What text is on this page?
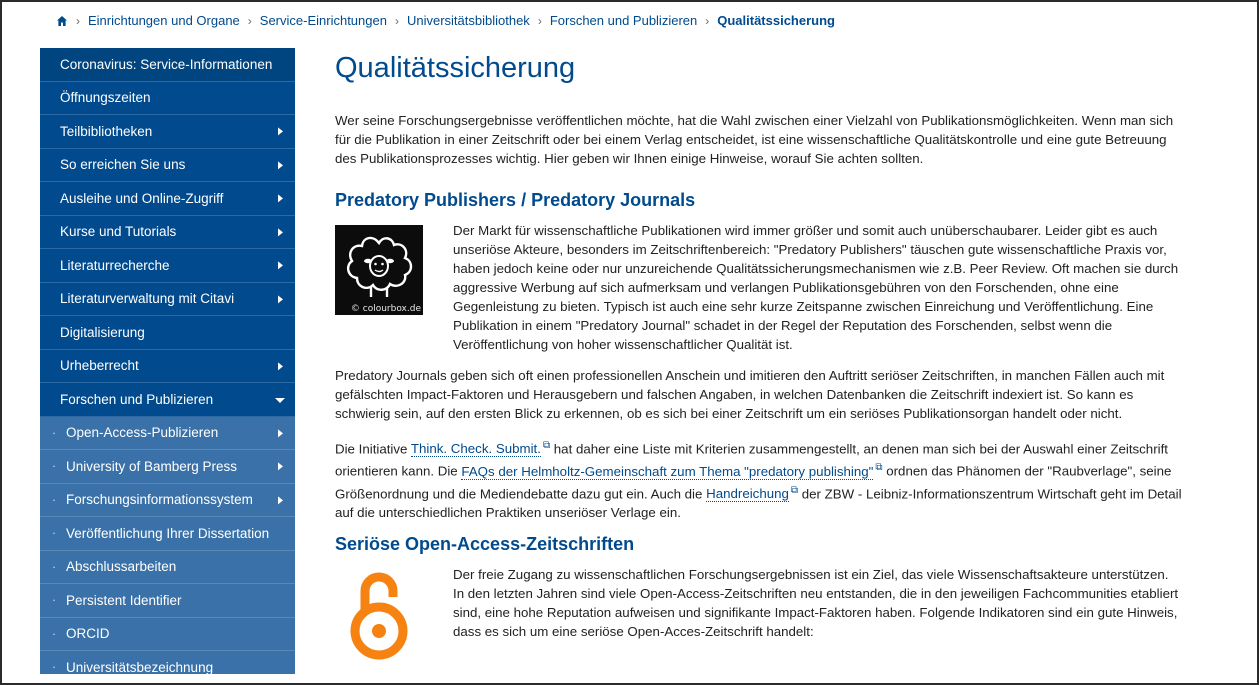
› Einrichtungen und Organe › Service-Einrichtungen › Universitätsbibliothek › Forschen und Publizieren › Qualitätssicherung
Coronavirus: Service-Informationen
Öffnungszeiten
Teilbibliotheken
So erreichen Sie uns
Ausleihe und Online-Zugriff
Kurse und Tutorials
Literaturrecherche
Literaturverwaltung mit Citavi
Digitalisierung
Urheberrecht
Forschen und Publizieren
· Open-Access-Publizieren
· University of Bamberg Press
· Forschungsinformationssystem
· Veröffentlichung Ihrer Dissertation
· Abschlussarbeiten
· Persistent Identifier
· ORCID
· Universitätsbezeichnung
Qualitätssicherung

Wer seine Forschungsergebnisse veröffentlichen möchte, hat die Wahl zwischen einer Vielzahl von Publikationsmöglichkeiten. Wenn man sich für die Publikation in einer Zeitschrift oder bei einem Verlag entscheidet, ist eine wissenschaftliche Qualitätskontrolle und eine gute Betreuung des Publikationsprozesses wichtig. Hier geben wir Ihnen einige Hinweise, worauf Sie achten sollten.

Predatory Publishers / Predatory Journals
© colourbox.de

Der Markt für wissenschaftliche Publikationen wird immer größer und somit auch unüberschaubarer. Leider gibt es auch unseriöse Akteure, besonders im Zeitschriftenbereich: "Predatory Publishers" täuschen gute wissenschaftliche Praxis vor, haben jedoch keine oder nur unzureichende Qualitätssicherungsmechanismen wie z.B. Peer Review. Oft machen sie durch aggressive Werbung auf sich aufmerksam und verlangen Publikationsgebühren von den Forschenden, ohne eine Gegenleistung zu bieten. Typisch ist auch eine sehr kurze Zeitspanne zwischen Einreichung und Veröffentlichung. Eine Publikation in einem "Predatory Journal" schadet in der Regel der Reputation des Forschenden, selbst wenn die Veröffentlichung von hoher wissenschaftlicher Qualität ist.

Predatory Journals geben sich oft einen professionellen Anschein und imitieren den Auftritt seriöser Zeitschriften, in manchen Fällen auch mit gefälschten Impact-Faktoren und Herausgebern und falschen Angaben, in welchen Datenbanken die Zeitschrift indexiert ist. So kann es schwierig sein, auf den ersten Blick zu erkennen, ob es sich bei einer Zeitschrift um ein seriöses Publikationsorgan handelt oder nicht.

Die Initiative Think. Check. Submit. ⧉ hat daher eine Liste mit Kriterien zusammengestellt, an denen man sich bei der Auswahl einer Zeitschrift orientieren kann. Die FAQs der Helmholtz-Gemeinschaft zum Thema "predatory publishing" ⧉ ordnen das Phänomen der "Raubverlage", seine Größenordnung und die Mediendebatte dazu gut ein. Auch die Handreichung ⧉ der ZBW - Leibniz-Informationszentrum Wirtschaft geht im Detail auf die unterschiedlichen Praktiken unseriöser Verlage ein.

Seriöse Open-Access-Zeitschriften

Der freie Zugang zu wissenschaftlichen Forschungsergebnissen ist ein Ziel, das viele Wissenschaftsakteure unterstützen. In den letzten Jahren sind viele Open-Access-Zeitschriften neu entstanden, die in den jeweiligen Fachcommunities etabliert sind, eine hohe Reputation aufweisen und signifikante Impact-Faktoren haben. Folgende Indikatoren sind ein gute Hinweis, dass es sich um eine seriöse Open-Acces-Zeitschrift handelt:
